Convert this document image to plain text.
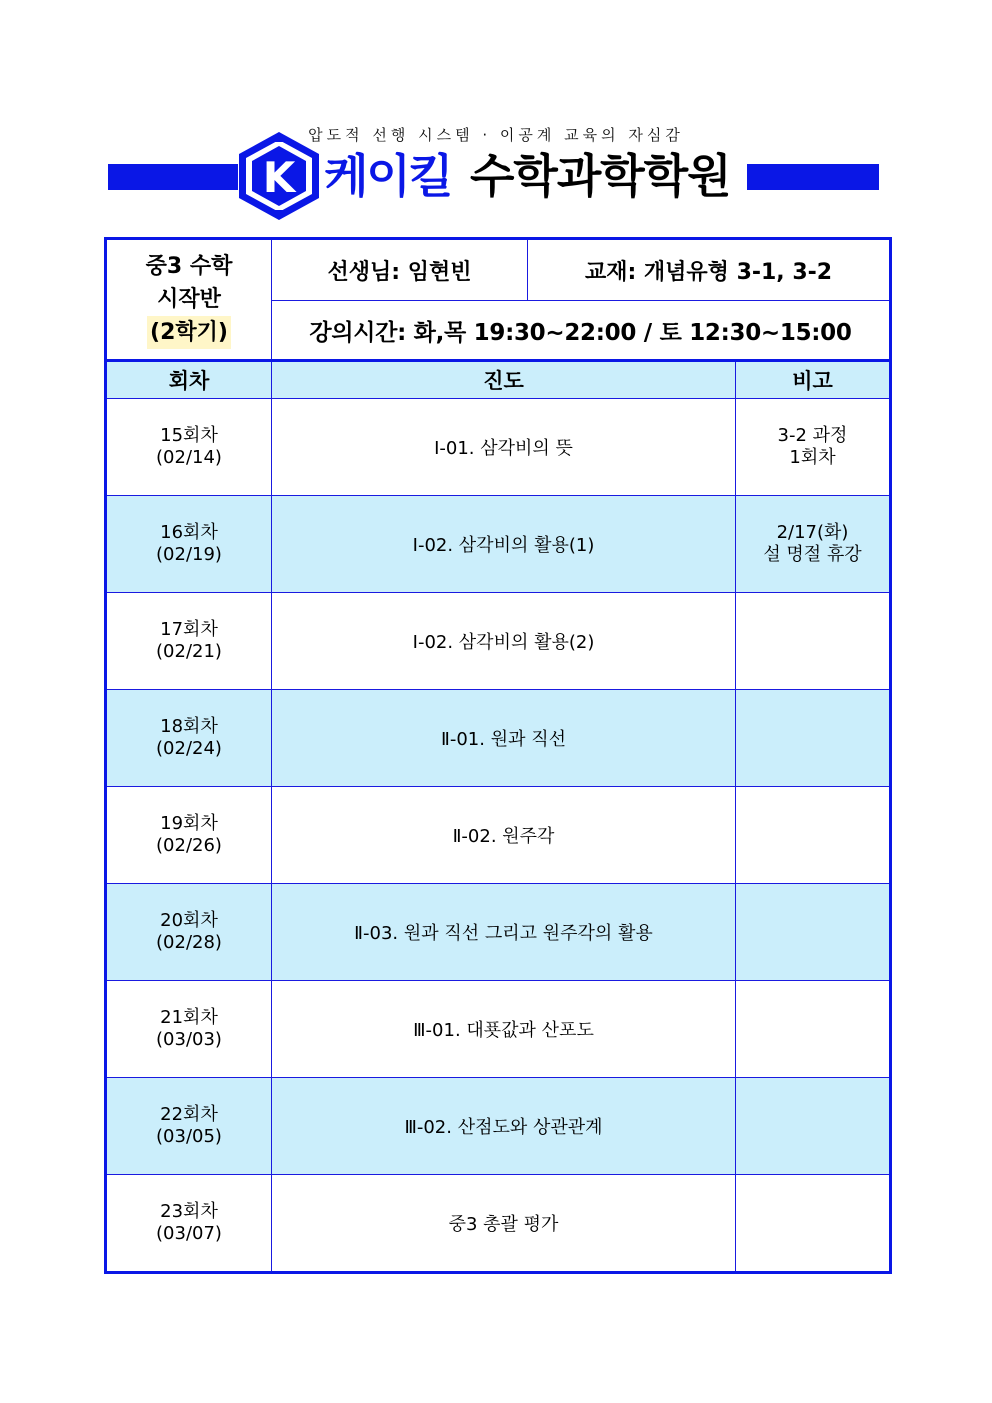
압도적 선행 시스템 · 이공계 교육의 자심감
K 케이킬 수학과학학원
중3 수학
시작반
(2학기)	선생님: 임현빈	교재: 개념유형 3-1, 3-2	
	강의시간: 화,목 19:30~22:00 / 토 12:30~15:00		
회차	진도		비고

15회차
(02/14)	Ⅰ-01. 삼각비의 뜻		3-2 과정
1회차

16회차
(02/19)	Ⅰ-02. 삼각비의 활용(1)		2/17(화)
설 명절 휴강

17회차
(02/21)	Ⅰ-02. 삼각비의 활용(2)		

18회차
(02/24)	Ⅱ-01. 원과 직선		

19회차
(02/26)	Ⅱ-02. 원주각		

20회차
(02/28)	Ⅱ-03. 원과 직선 그리고 원주각의 활용		

21회차
(03/03)	Ⅲ-01. 대푯값과 산포도		

22회차
(03/05)	Ⅲ-02. 산점도와 상관관계		

23회차
(03/07)	중3 총괄 평가		
